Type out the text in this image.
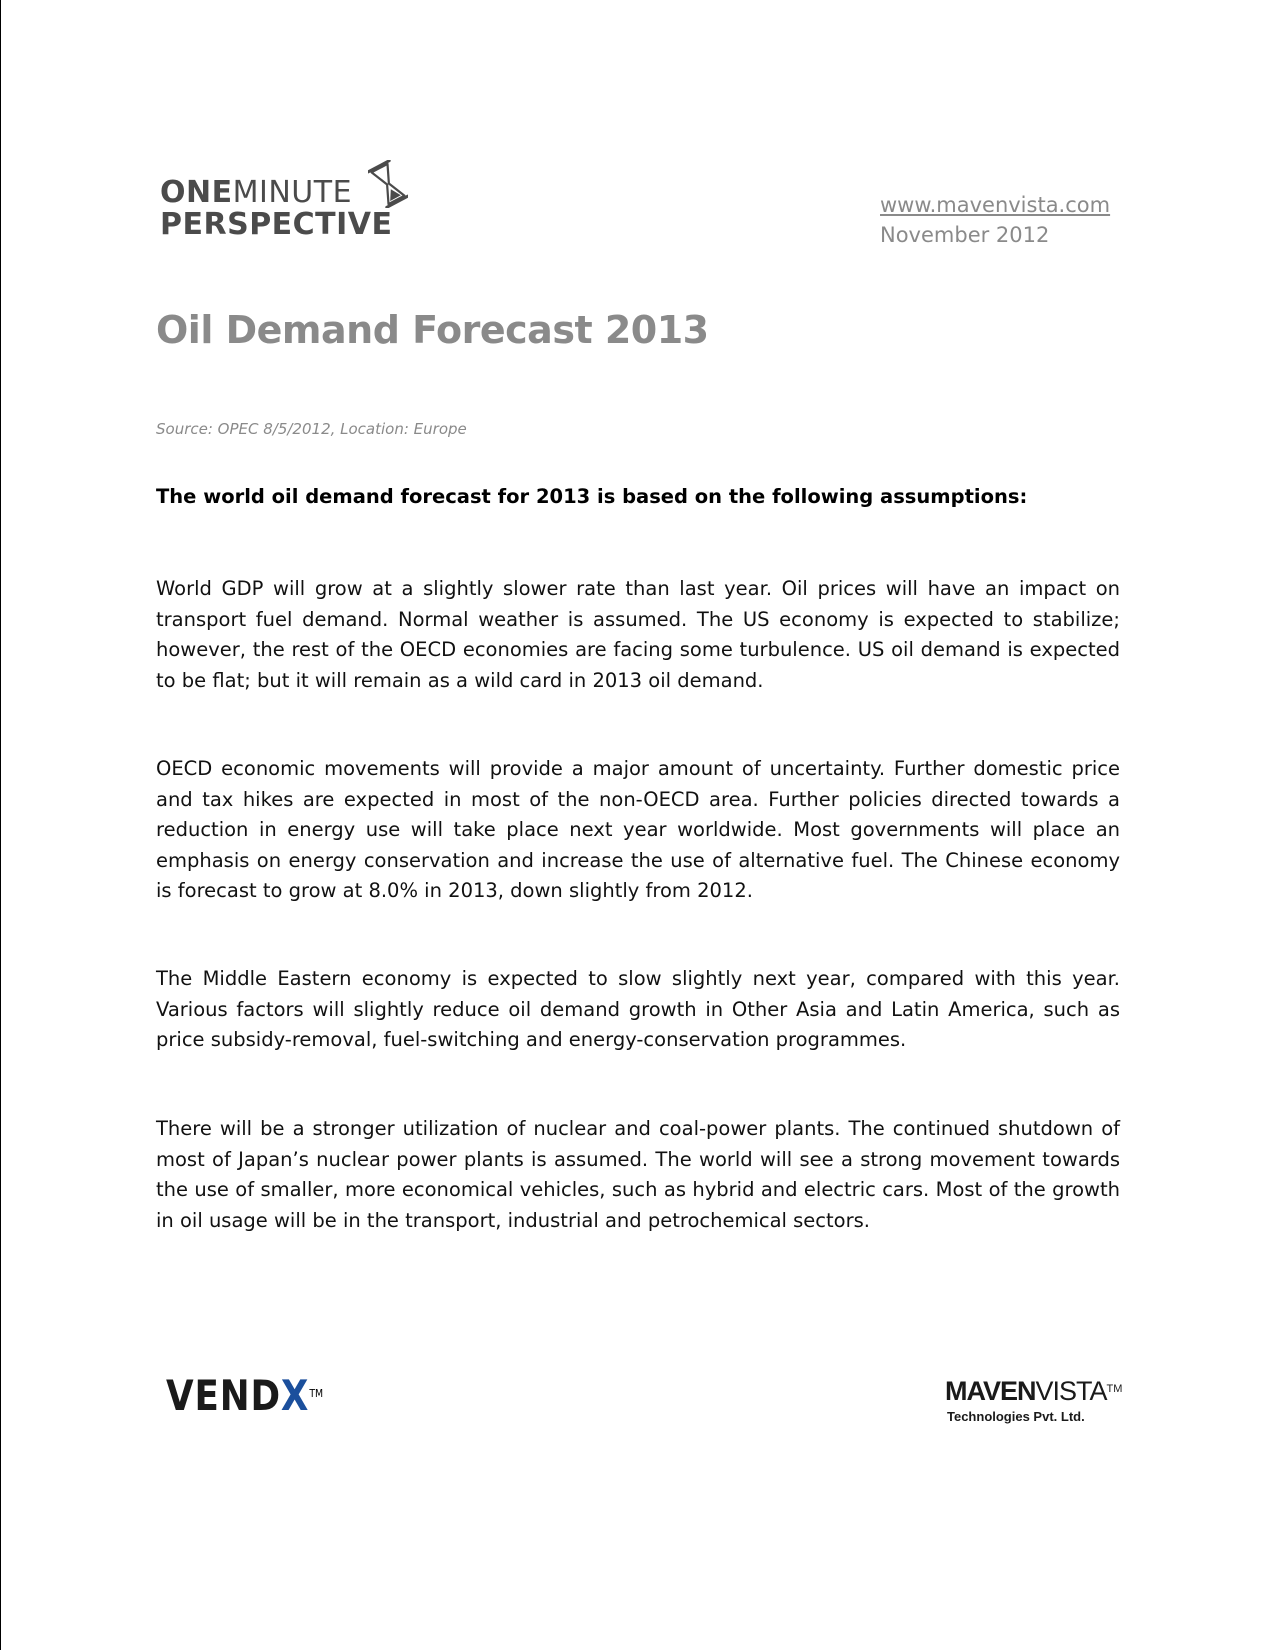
ONEMINUTE
PERSPECTIVE
www.mavenvista.com
November 2012
Oil Demand Forecast 2013
Source: OPEC 8/5/2012, Location: Europe
The world oil demand forecast for 2013 is based on the following assumptions:

World GDP will grow at a slightly slower rate than last year. Oil prices will have an impact on transport fuel demand. Normal weather is assumed. The US economy is expected to stabilize; however, the rest of the OECD economies are facing some turbulence. US oil demand is expected to be flat; but it will remain as a wild card in 2013 oil demand.

OECD economic movements will provide a major amount of uncertainty. Further domestic price and tax hikes are expected in most of the non-OECD area. Further policies directed towards a reduction in energy use will take place next year worldwide. Most governments will place an emphasis on energy conservation and increase the use of alternative fuel. The Chinese economy is forecast to grow at 8.0% in 2013, down slightly from 2012.

The Middle Eastern economy is expected to slow slightly next year, compared with this year. Various factors will slightly reduce oil demand growth in Other Asia and Latin America, such as price subsidy-removal, fuel-switching and energy-conservation programmes.

There will be a stronger utilization of nuclear and coal-power plants. The continued shutdown of most of Japan’s nuclear power plants is assumed. The world will see a strong movement towards the use of smaller, more economical vehicles, such as hybrid and electric cars. Most of the growth in oil usage will be in the transport, industrial and petrochemical sectors.

VENDX™	MAVENVISTA™
Technologies Pvt. Ltd.
